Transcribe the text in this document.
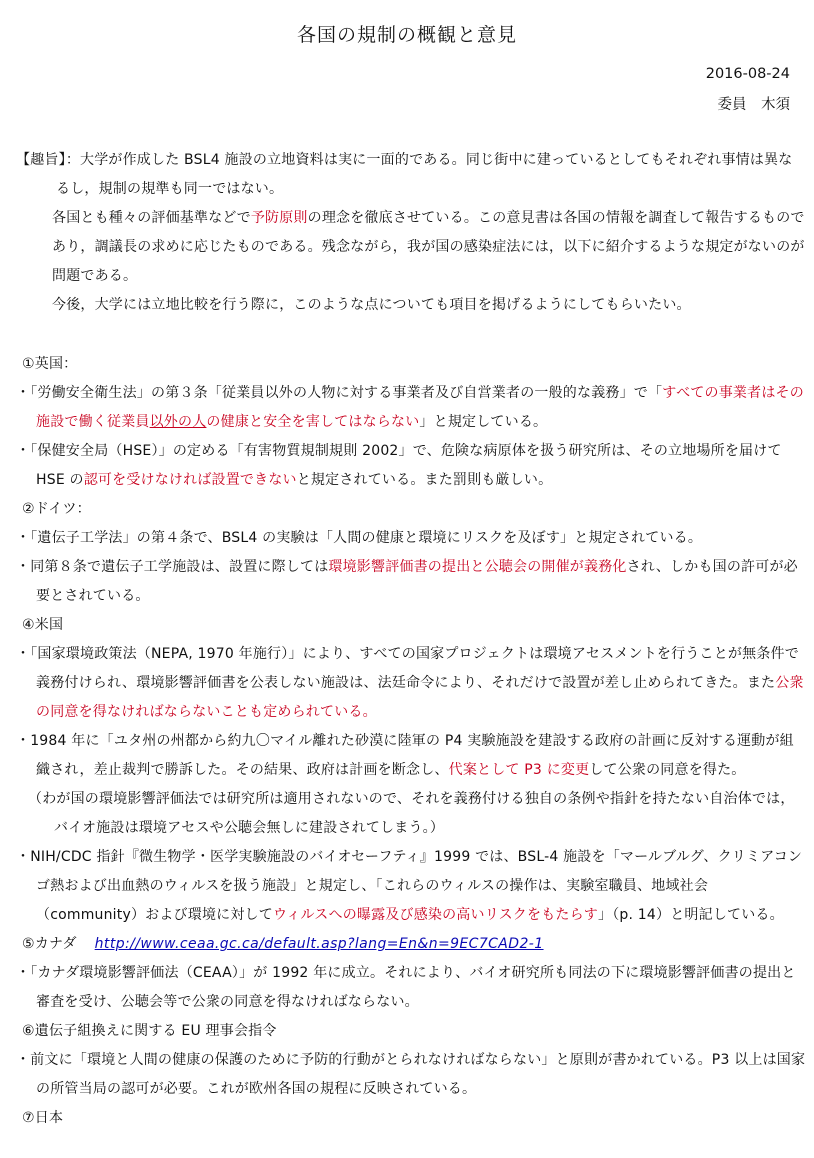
各国の規制の概観と意見
2016-08-24
委員　木須

【趣旨】：大学が作成した BSL4 施設の立地資料は実に一面的である。同じ街中に建っているとしてもそれぞれ事情は異なるし，規制の規準も同一ではない。

各国とも種々の評価基準などで予防原則の理念を徹底させている。この意見書は各国の情報を調査して報告するものであり，調議長の求めに応じたものである。残念ながら，我が国の感染症法には，以下に紹介するような規定がないのが問題である。

今後，大学には立地比較を行う際に，このような点についても項目を掲げるようにしてもらいたい。

①英国：

・「労働安全衛生法」の第３条「従業員以外の人物に対する事業者及び自営業者の一般的な義務」で「すべての事業者はその施設で働く従業員以外の人の健康と安全を害してはならない」と規定している。

・「保健安全局（HSE）」の定める「有害物質規制規則 2002」で、危険な病原体を扱う研究所は、その立地場所を届けて HSE の認可を受けなければ設置できないと規定されている。また罰則も厳しい。

②ドイツ：

・「遺伝子工学法」の第４条で、BSL4 の実験は「人間の健康と環境にリスクを及ぼす」と規定されている。

・同第８条で遺伝子工学施設は、設置に際しては環境影響評価書の提出と公聴会の開催が義務化され、しかも国の許可が必要とされている。

④米国

・「国家環境政策法（NEPA, 1970 年施行）」により、すべての国家プロジェクトは環境アセスメントを行うことが無条件で義務付けられ、環境影響評価書を公表しない施設は、法廷命令により、それだけで設置が差し止められてきた。また公衆の同意を得なければならないことも定められている。

・1984 年に「ユタ州の州都から約九〇マイル離れた砂漠に陸軍の P4 実験施設を建設する政府の計画に反対する運動が組織され，差止裁判で勝訴した。その結果、政府は計画を断念し、代案として P3 に変更して公衆の同意を得た。

（わが国の環境影響評価法では研究所は適用されないので、それを義務付ける独自の条例や指針を持たない自治体では，バイオ施設は環境アセスや公聴会無しに建設されてしまう。）

・NIH/CDC 指針『微生物学・医学実験施設のバイオセーフティ』1999 では、BSL-4 施設を「マールブルグ、クリミアコンゴ熱および出血熱のウィルスを扱う施設」と規定し、「これらのウィルスの操作は、実験室職員、地域社会（community）および環境に対してウィルスへの曝露及び感染の高いリスクをもたらす」（p. 14）と明記している。

⑤カナダ http://www.ceaa.gc.ca/default.asp?lang=En&n=9EC7CAD2-1

・「カナダ環境影響評価法（CEAA）」が 1992 年に成立。それにより、バイオ研究所も同法の下に環境影響評価書の提出と審査を受け、公聴会等で公衆の同意を得なければならない。

⑥遺伝子組換えに関する EU 理事会指令

・前文に「環境と人間の健康の保護のために予防的行動がとられなければならない」と原則が書かれている。P3 以上は国家の所管当局の認可が必要。これが欧州各国の規程に反映されている。

⑦日本
